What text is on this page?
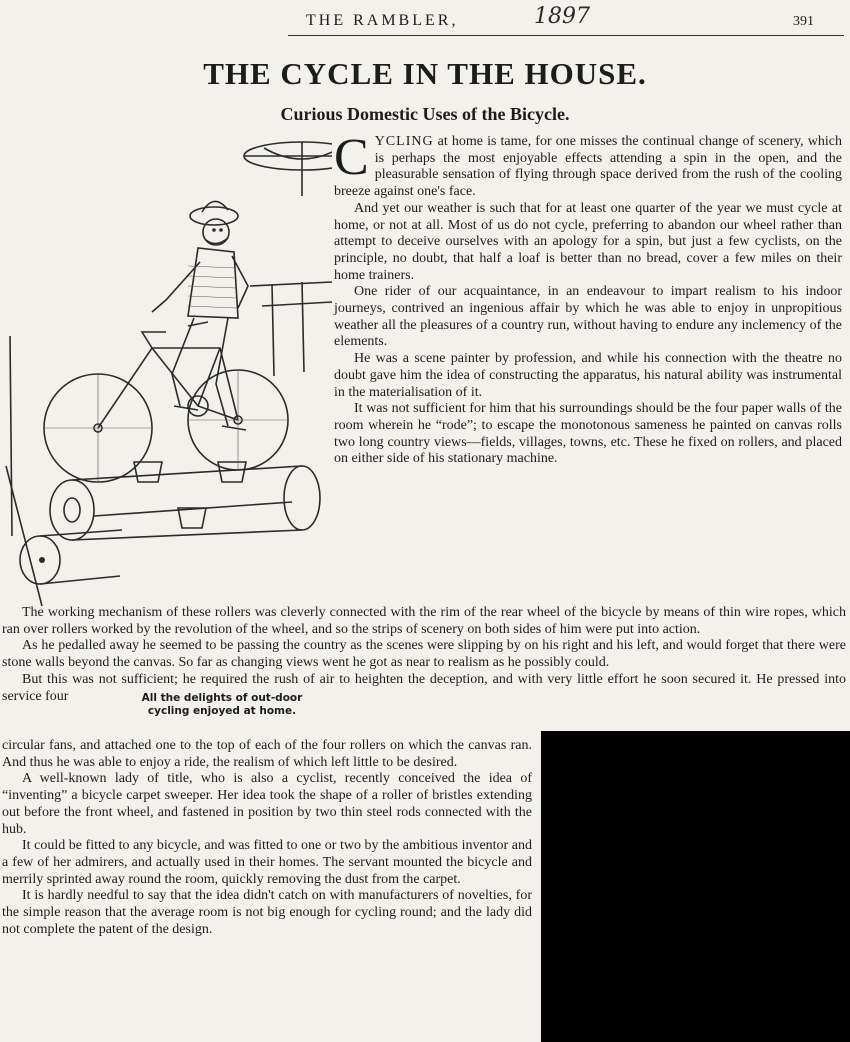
THE RAMBLER,	1897	391
THE CYCLE IN THE HOUSE.
Curious Domestic Uses of the Bicycle.
All the delights of out-door cycling enjoyed at home.

CYCLING at home is tame, for one misses the continual change of scenery, which is perhaps the most enjoyable effects attending a spin in the open, and the pleasurable sensation of flying through space derived from the rush of the cooling breeze against one's face.

And yet our weather is such that for at least one quarter of the year we must cycle at home, or not at all. Most of us do not cycle, preferring to abandon our wheel rather than attempt to deceive ourselves with an apology for a spin, but just a few cyclists, on the principle, no doubt, that half a loaf is better than no bread, cover a few miles on their home trainers.

One rider of our acquaintance, in an endeavour to impart realism to his indoor journeys, contrived an ingenious affair by which he was able to enjoy in unpropitious weather all the pleasures of a country run, without having to endure any inclemency of the elements.

He was a scene painter by profession, and while his connection with the theatre no doubt gave him the idea of constructing the apparatus, his natural ability was instrumental in the materialisation of it.

It was not sufficient for him that his surroundings should be the four paper walls of the room wherein he “rode”; to escape the monotonous sameness he painted on canvas rolls two long country views—fields, villages, towns, etc. These he fixed on rollers, and placed on either side of his stationary machine.

The working mechanism of these rollers was cleverly connected with the rim of the rear wheel of the bicycle by means of thin wire ropes, which ran over rollers worked by the revolution of the wheel, and so the strips of scenery on both sides of him were put into action.

As he pedalled away he seemed to be passing the country as the scenes were slipping by on his right and his left, and would forget that there were stone walls beyond the canvas. So far as changing views went he got as near to realism as he possibly could.

But this was not sufficient; he required the rush of air to heighten the deception, and with very little effort he soon secured it. He pressed into service four

circular fans, and attached one to the top of each of the four rollers on which the canvas ran. And thus he was able to enjoy a ride, the realism of which left little to be desired.

A well-known lady of title, who is also a cyclist, recently conceived the idea of “inventing” a bicycle carpet sweeper. Her idea took the shape of a roller of bristles extending out before the front wheel, and fastened in position by two thin steel rods connected with the hub.

It could be fitted to any bicycle, and was fitted to one or two by the ambitious inventor and a few of her admirers, and actually used in their homes. The servant mounted the bicycle and merrily sprinted away round the room, quickly removing the dust from the carpet.

It is hardly needful to say that the idea didn't catch on with manufacturers of novelties, for the simple reason that the average room is not big enough for cycling round; and the lady did not complete the patent of the design.
